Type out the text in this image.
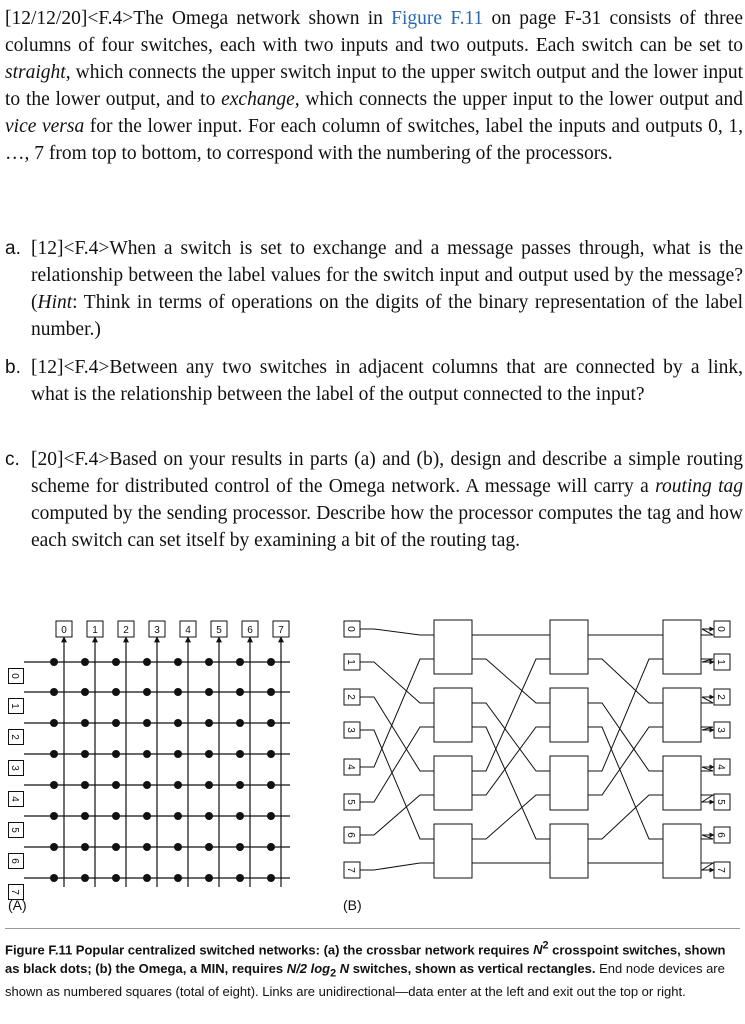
[12/12/20]<F.4>The Omega network shown in Figure F.11 on page F-31 consists of three columns of four switches, each with two inputs and two outputs. Each switch can be set to straight, which connects the upper switch input to the upper switch output and the lower input to the lower output, and to exchange, which connects the upper input to the lower output and vice versa for the lower input. For each column of switches, label the inputs and outputs 0, 1, …, 7 from top to bottom, to correspond with the numbering of the processors.
a. [12]<F.4>When a switch is set to exchange and a message passes through, what is the relationship between the label values for the switch input and output used by the message? (Hint: Think in terms of operations on the digits of the binary representation of the label number.)
b. [12]<F.4>Between any two switches in adjacent columns that are connected by a link, what is the relationship between the label of the output connected to the input?
c. [20]<F.4>Based on your results in parts (a) and (b), design and describe a simple routing scheme for distributed control of the Omega network. A message will carry a routing tag computed by the sending processor. Describe how the processor computes the tag and how each switch can set itself by examining a bit of the routing tag.
0	1	2	3	4	5	6	7
0
1
2
3
4
5
6
7
0	0
1	1
2	2
3	3
4	4
5	5
6	6
7	7
(A)	(B)
Figure F.11 Popular centralized switched networks: (a) the crossbar network requires $N^2$ crosspoint switches, shown as black dots; (b) the Omega, a MIN, requires N/2 $\log_2 N$ switches, shown as vertical rectangles. End node devices are shown as numbered squares (total of eight). Links are unidirectional—data enter at the left and exit out the top or right.
